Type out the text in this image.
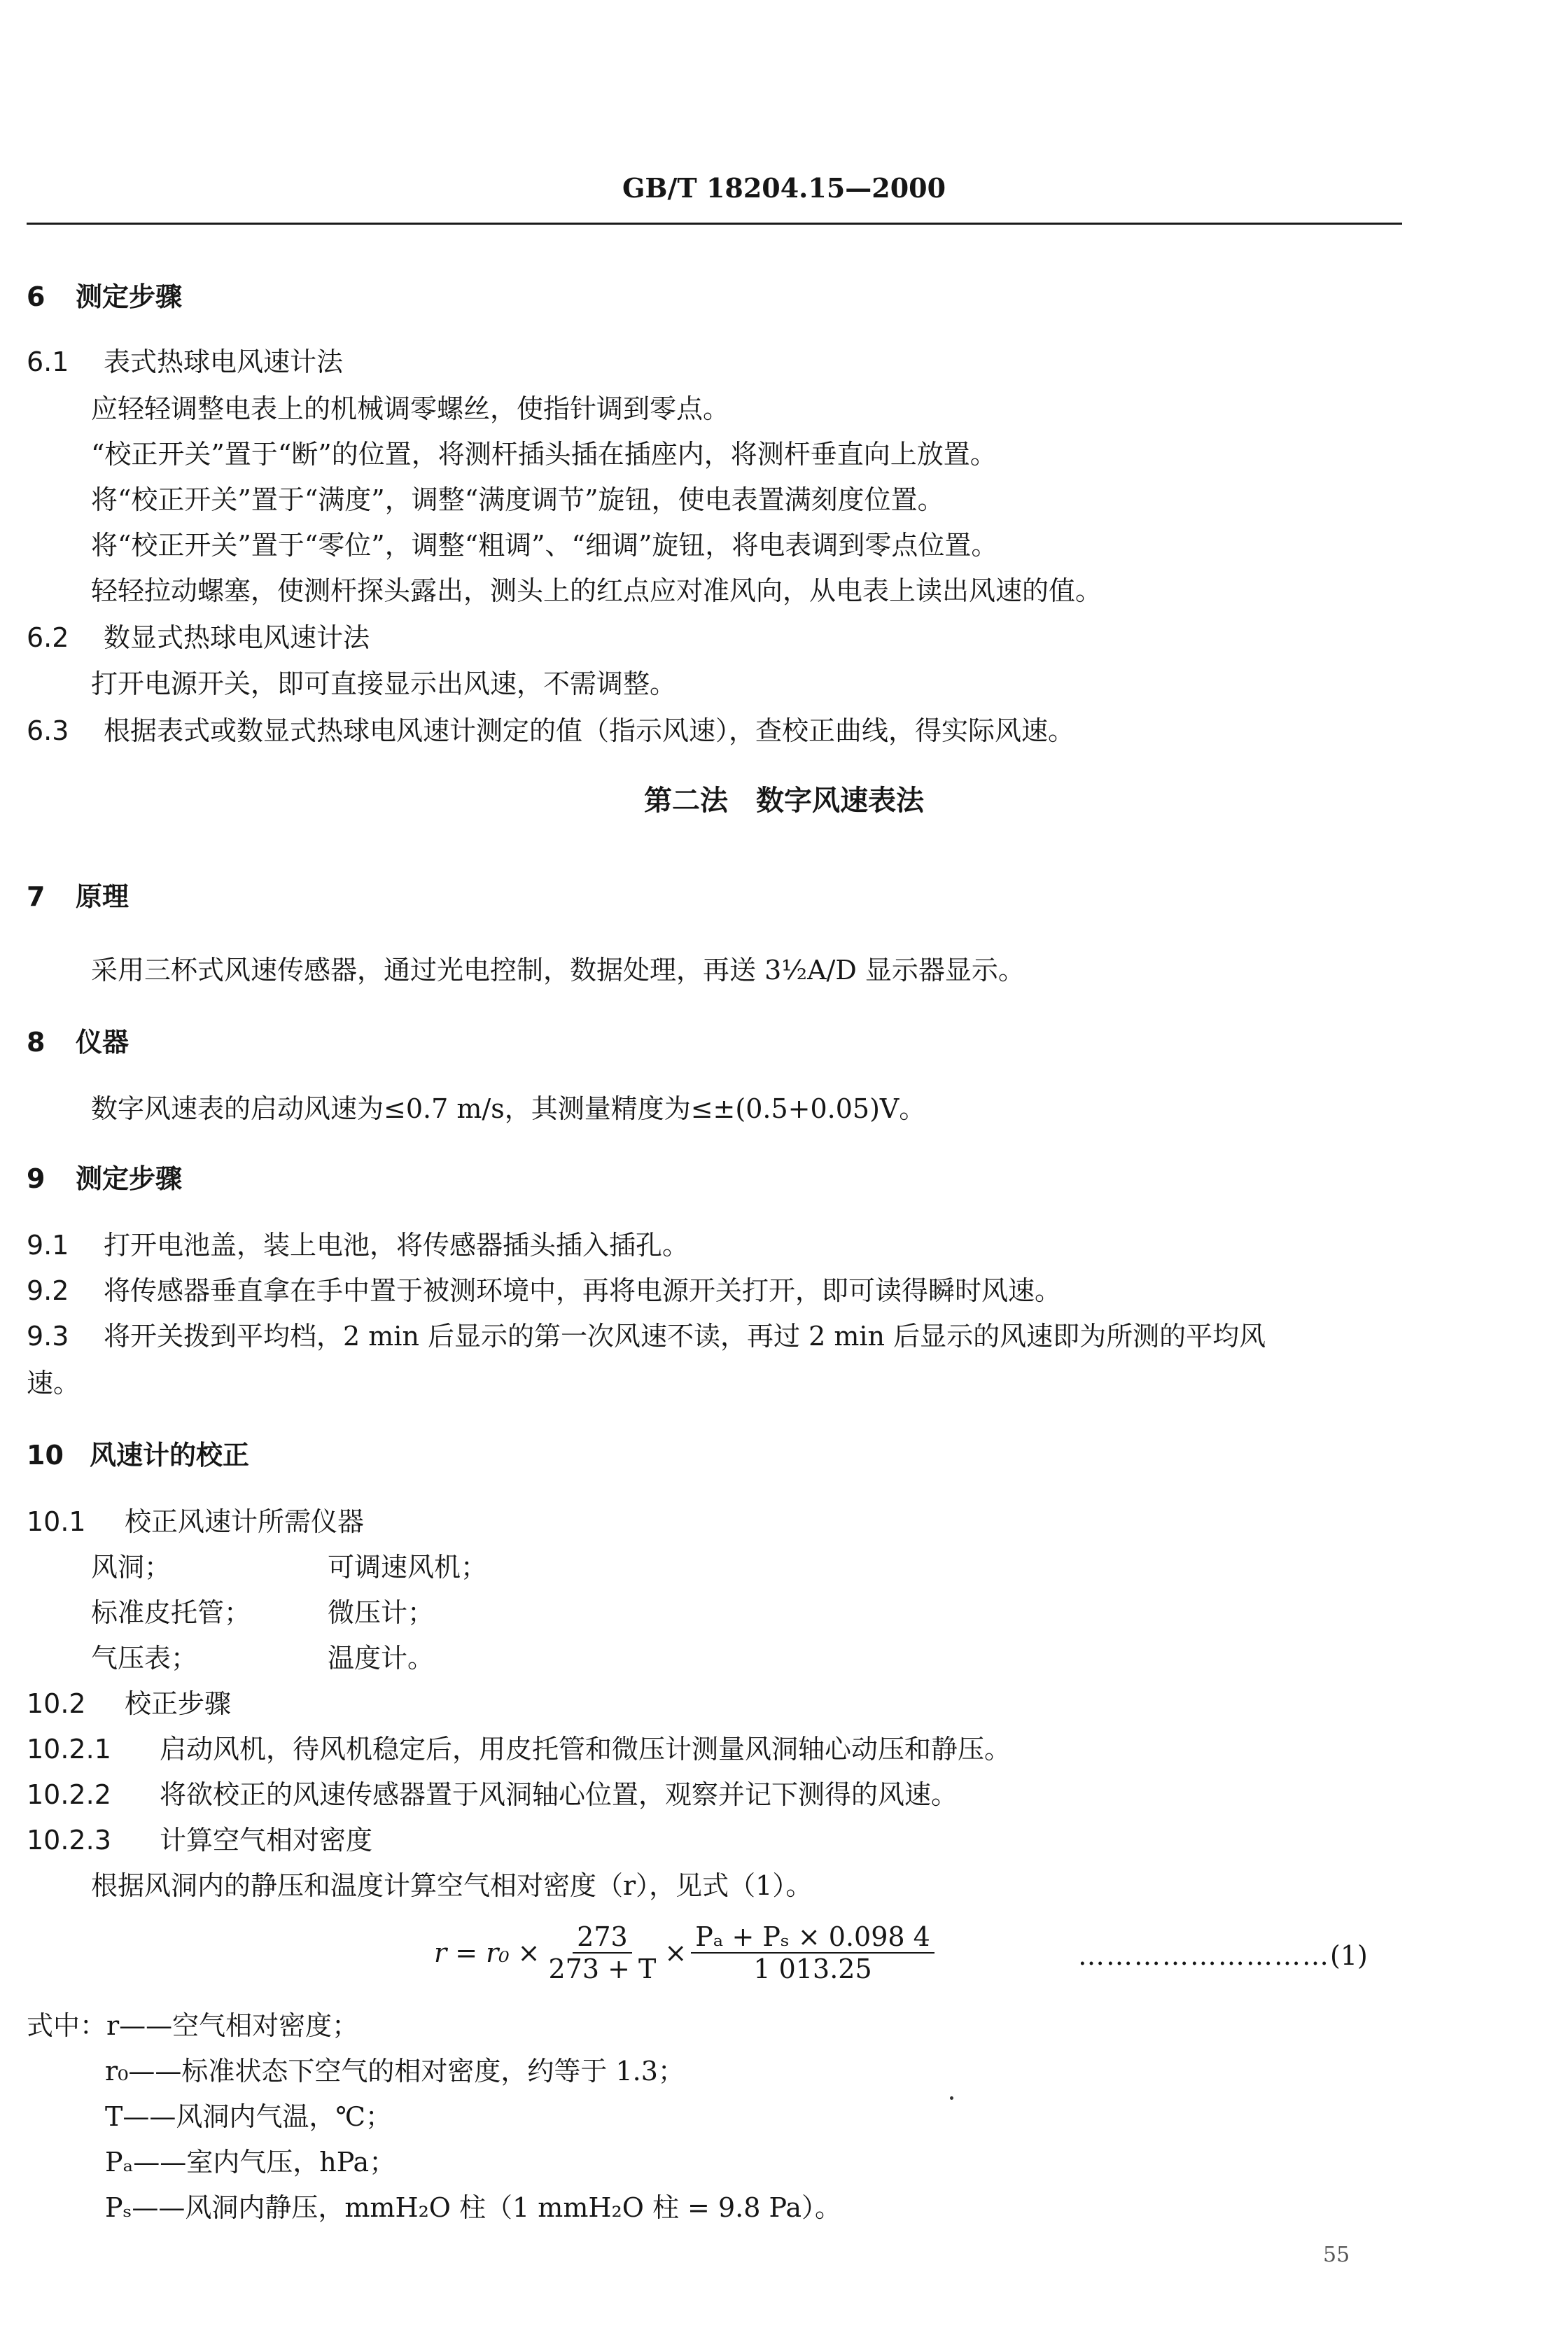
GB/T 18204.15—2000
6 测定步骤
6.1 表式热球电风速计法
应轻轻调整电表上的机械调零螺丝，使指针调到零点。
“校正开关”置于“断”的位置，将测杆插头插在插座内，将测杆垂直向上放置。
将“校正开关”置于“满度”，调整“满度调节”旋钮，使电表置满刻度位置。
将“校正开关”置于“零位”，调整“粗调”、“细调”旋钮，将电表调到零点位置。
轻轻拉动螺塞，使测杆探头露出，测头上的红点应对准风向，从电表上读出风速的值。
6.2 数显式热球电风速计法
打开电源开关，即可直接显示出风速，不需调整。
6.3 根据表式或数显式热球电风速计测定的值（指示风速），查校正曲线，得实际风速。
第二法　数字风速表法
7 原理
采用三杯式风速传感器，通过光电控制，数据处理，再送 3½A/D 显示器显示。
8 仪器
数字风速表的启动风速为≤0.7 m/s，其测量精度为≤±(0.5+0.05)V。
9 测定步骤
9.1 打开电池盖，装上电池，将传感器插头插入插孔。
9.2 将传感器垂直拿在手中置于被测环境中，再将电源开关打开，即可读得瞬时风速。
9.3 将开关拨到平均档，2 min 后显示的第一次风速不读，再过 2 min 后显示的风速即为所测的平均风
速。
10 风速计的校正
10.1 校正风速计所需仪器
风洞；	可调速风机；
标准皮托管；	微压计；
气压表；	温度计。
10.2 校正步骤
10.2.1 启动风机，待风机稳定后，用皮托管和微压计测量风洞轴心动压和静压。
10.2.2 将欲校正的风速传感器置于风洞轴心位置，观察并记下测得的风速。
10.2.3 计算空气相对密度
根据风洞内的静压和温度计算空气相对密度（r），见式（1）。
$r = r_0 \times \frac{273}{273 + T} \times \frac{\text{Pₐ + Pₛ × 0.098 4}}{1 013.25}$	……………………… (1)
式中：r——空气相对密度；
r₀——标准状态下空气的相对密度，约等于 1.3；
T——风洞内气温，℃；
Pₐ——室内气压，hPa；
Pₛ——风洞内静压，mmH₂O 柱（1 mmH₂O 柱 = 9.8 Pa）。
55
